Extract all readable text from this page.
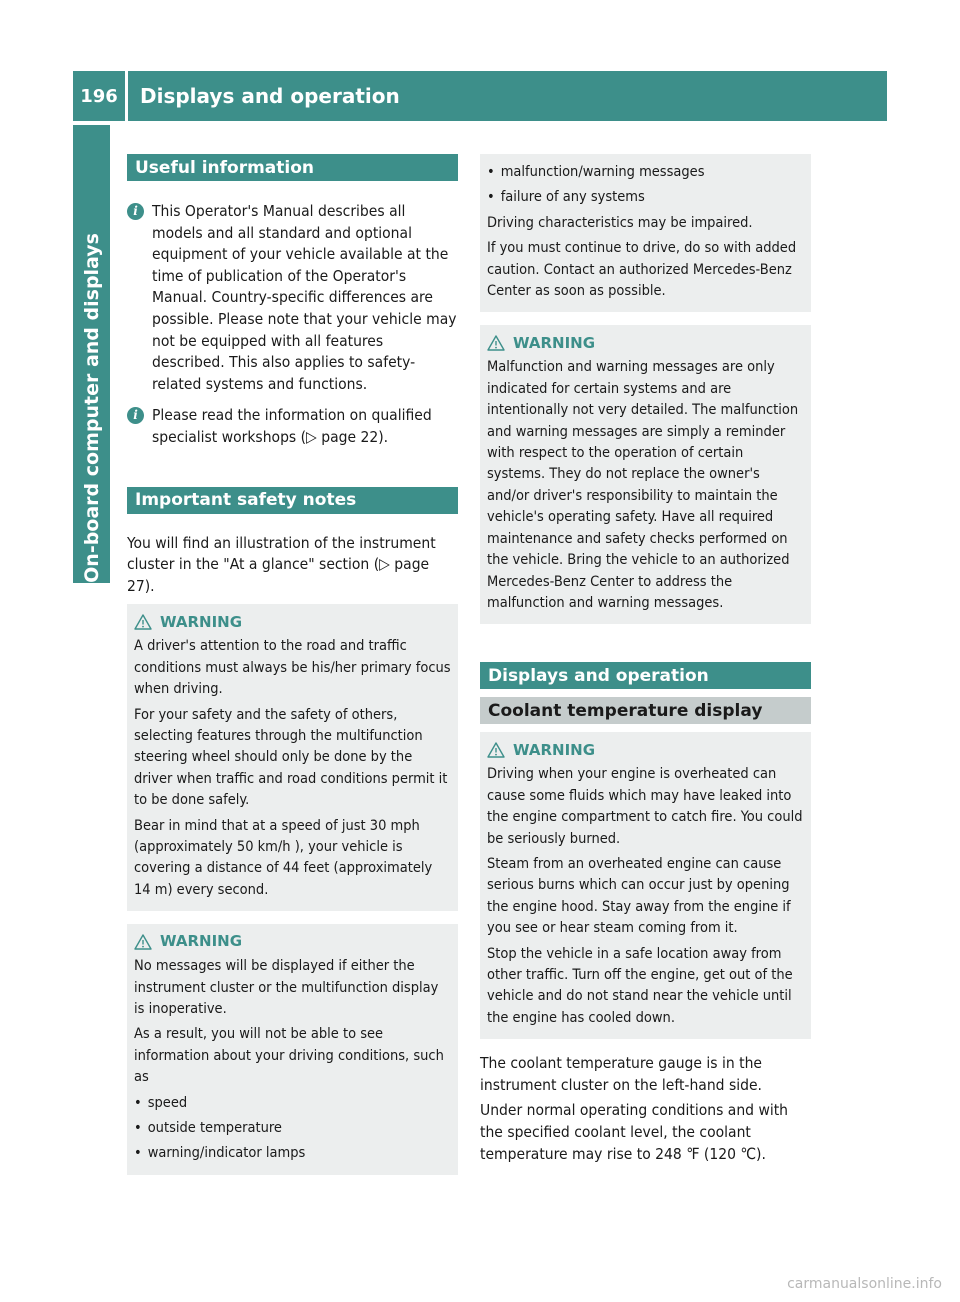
196	Displays and operation
On-board computer and displays
Useful information
i This Operator's Manual describes all models and all standard and optional equipment of your vehicle available at the time of publication of the Operator's Manual. Country-specific differences are possible. Please note that your vehicle may not be equipped with all features described. This also applies to safety-related systems and functions.
i Please read the information on qualified specialist workshops (▷ page 22).
Important safety notes
You will find an illustration of the instrument cluster in the "At a glance" section (▷ page 27).
WARNING

A driver's attention to the road and traffic conditions must always be his/her primary focus when driving.

For your safety and the safety of others, selecting features through the multifunction steering wheel should only be done by the driver when traffic and road conditions permit it to be done safely.

Bear in mind that at a speed of just 30 mph (approximately 50 km/h ), your vehicle is covering a distance of 44 feet (approximately 14 m) every second.

WARNING

No messages will be displayed if either the instrument cluster or the multifunction display is inoperative.

As a result, you will not be able to see information about your driving conditions, such as

• speed
• outside temperature
• warning/indicator lamps
• malfunction/warning messages
• failure of any systems

Driving characteristics may be impaired.

If you must continue to drive, do so with added caution. Contact an authorized Mercedes-Benz Center as soon as possible.

WARNING

Malfunction and warning messages are only indicated for certain systems and are intentionally not very detailed. The malfunction and warning messages are simply a reminder with respect to the operation of certain systems. They do not replace the owner's and/or driver's responsibility to maintain the vehicle's operating safety. Have all required maintenance and safety checks performed on the vehicle. Bring the vehicle to an authorized Mercedes-Benz Center to address the malfunction and warning messages.

Displays and operation
Coolant temperature display
WARNING

Driving when your engine is overheated can cause some fluids which may have leaked into the engine compartment to catch fire. You could be seriously burned.

Steam from an overheated engine can cause serious burns which can occur just by opening the engine hood. Stay away from the engine if you see or hear steam coming from it.

Stop the vehicle in a safe location away from other traffic. Turn off the engine, get out of the vehicle and do not stand near the vehicle until the engine has cooled down.

The coolant temperature gauge is in the instrument cluster on the left-hand side.
Under normal operating conditions and with the specified coolant level, the coolant temperature may rise to 248 ℉ (120 ℃).
carmanualsonline.info
